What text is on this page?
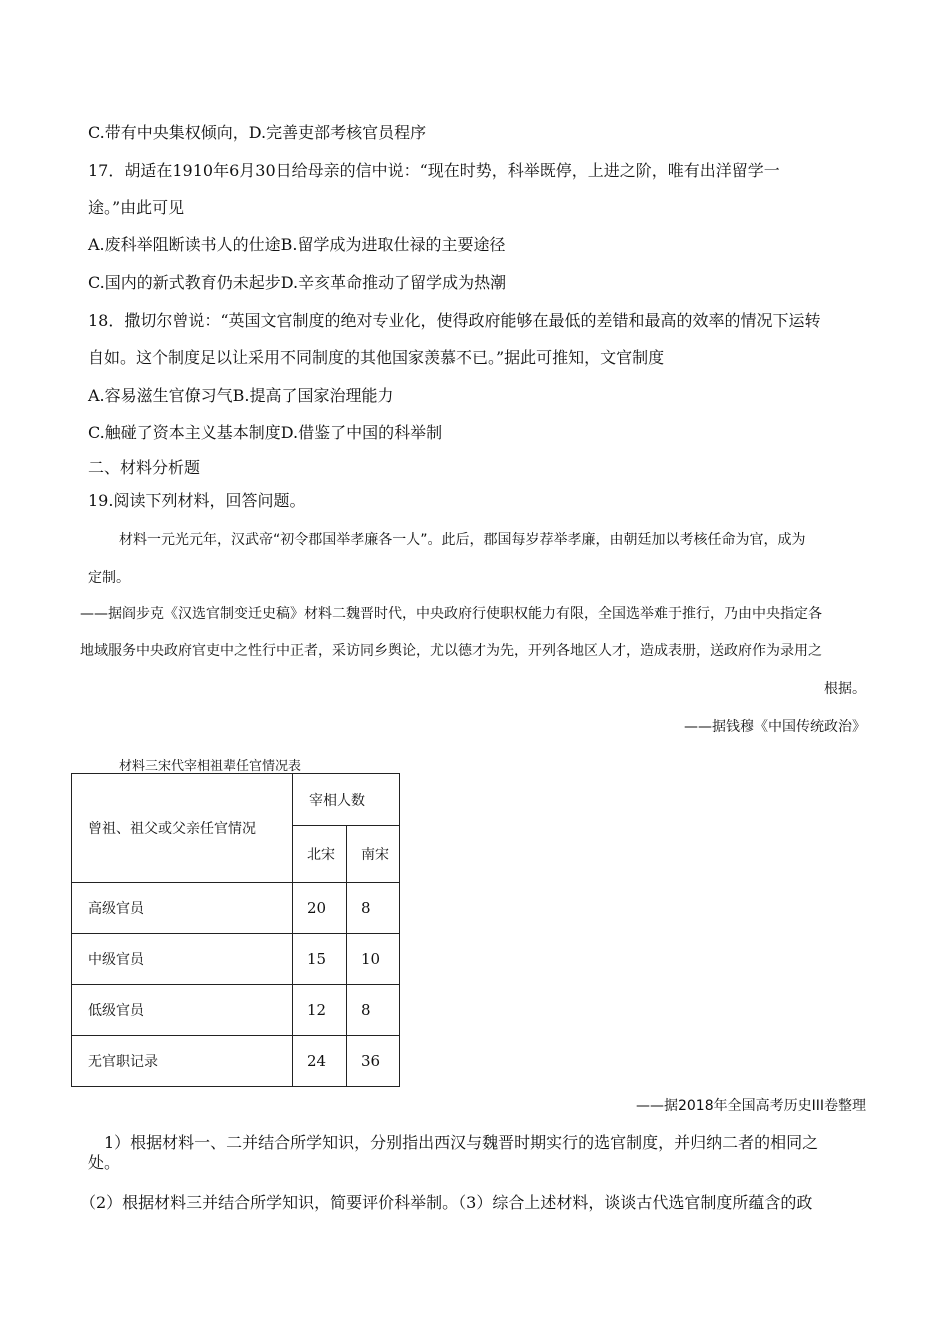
C.带有中央集权倾向，D.完善吏部考核官员程序
17．胡适在1910年6月30日给母亲的信中说：“现在时势，科举既停，上进之阶，唯有出洋留学一
途。”由此可见
A.废科举阻断读书人的仕途B.留学成为进取仕禄的主要途径
C.国内的新式教育仍未起步D.辛亥革命推动了留学成为热潮
18．撒切尔曾说：“英国文官制度的绝对专业化，使得政府能够在最低的差错和最高的效率的情况下运转
自如。这个制度足以让采用不同制度的其他国家羡慕不已。”据此可推知，文官制度
A.容易滋生官僚习气B.提高了国家治理能力
C.触碰了资本主义基本制度D.借鉴了中国的科举制
二、材料分析题
19.阅读下列材料，回答问题。
材料一元光元年，汉武帝“初令郡国举孝廉各一人”。此后，郡国每岁荐举孝廉，由朝廷加以考核任命为官，成为
定制。
——据阎步克《汉选官制变迁史稿》材料二魏晋时代，中央政府行使职权能力有限，全国选举难于推行，乃由中央指定各
地域服务中央政府官吏中之性行中正者，采访同乡舆论，尤以德才为先，开列各地区人才，造成表册，送政府作为录用之
根据。
——据钱穆《中国传统政治》
材料三宋代宰相祖辈任官情况表
曾祖、祖父或父亲任官情况	宰相人数	
	北宋	南宋
高级官员	20	8
中级官员	15	10
低级官员	12	8
无官职记录	24	36
——据2018年全国高考历史III卷整理
1）根据材料一、二并结合所学知识，分别指出西汉与魏晋时期实行的选官制度，并归纳二者的相同之
处。
（2）根据材料三并结合所学知识，简要评价科举制。（3）综合上述材料，谈谈古代选官制度所蕴含的政
